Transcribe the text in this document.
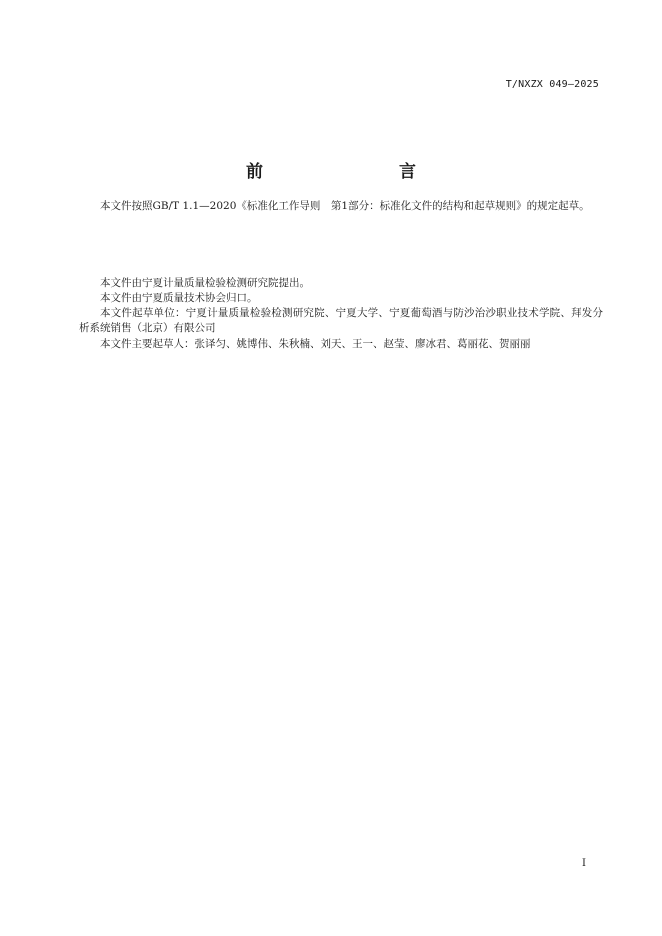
T/NXZX 049—2025
前　　言

本文件按照GB/T 1.1—2020《标准化工作导则　第1部分：标准化文件的结构和起草规则》的规定起草。

本文件由宁夏计量质量检验检测研究院提出。

本文件由宁夏质量技术协会归口。

本文件起草单位：宁夏计量质量检验检测研究院、宁夏大学、宁夏葡萄酒与防沙治沙职业技术学院、拜发分析系统销售（北京）有限公司

本文件主要起草人：张译匀、姚博伟、朱秋楠、刘天、王一、赵莹、廖冰君、葛丽花、贺丽丽

I
